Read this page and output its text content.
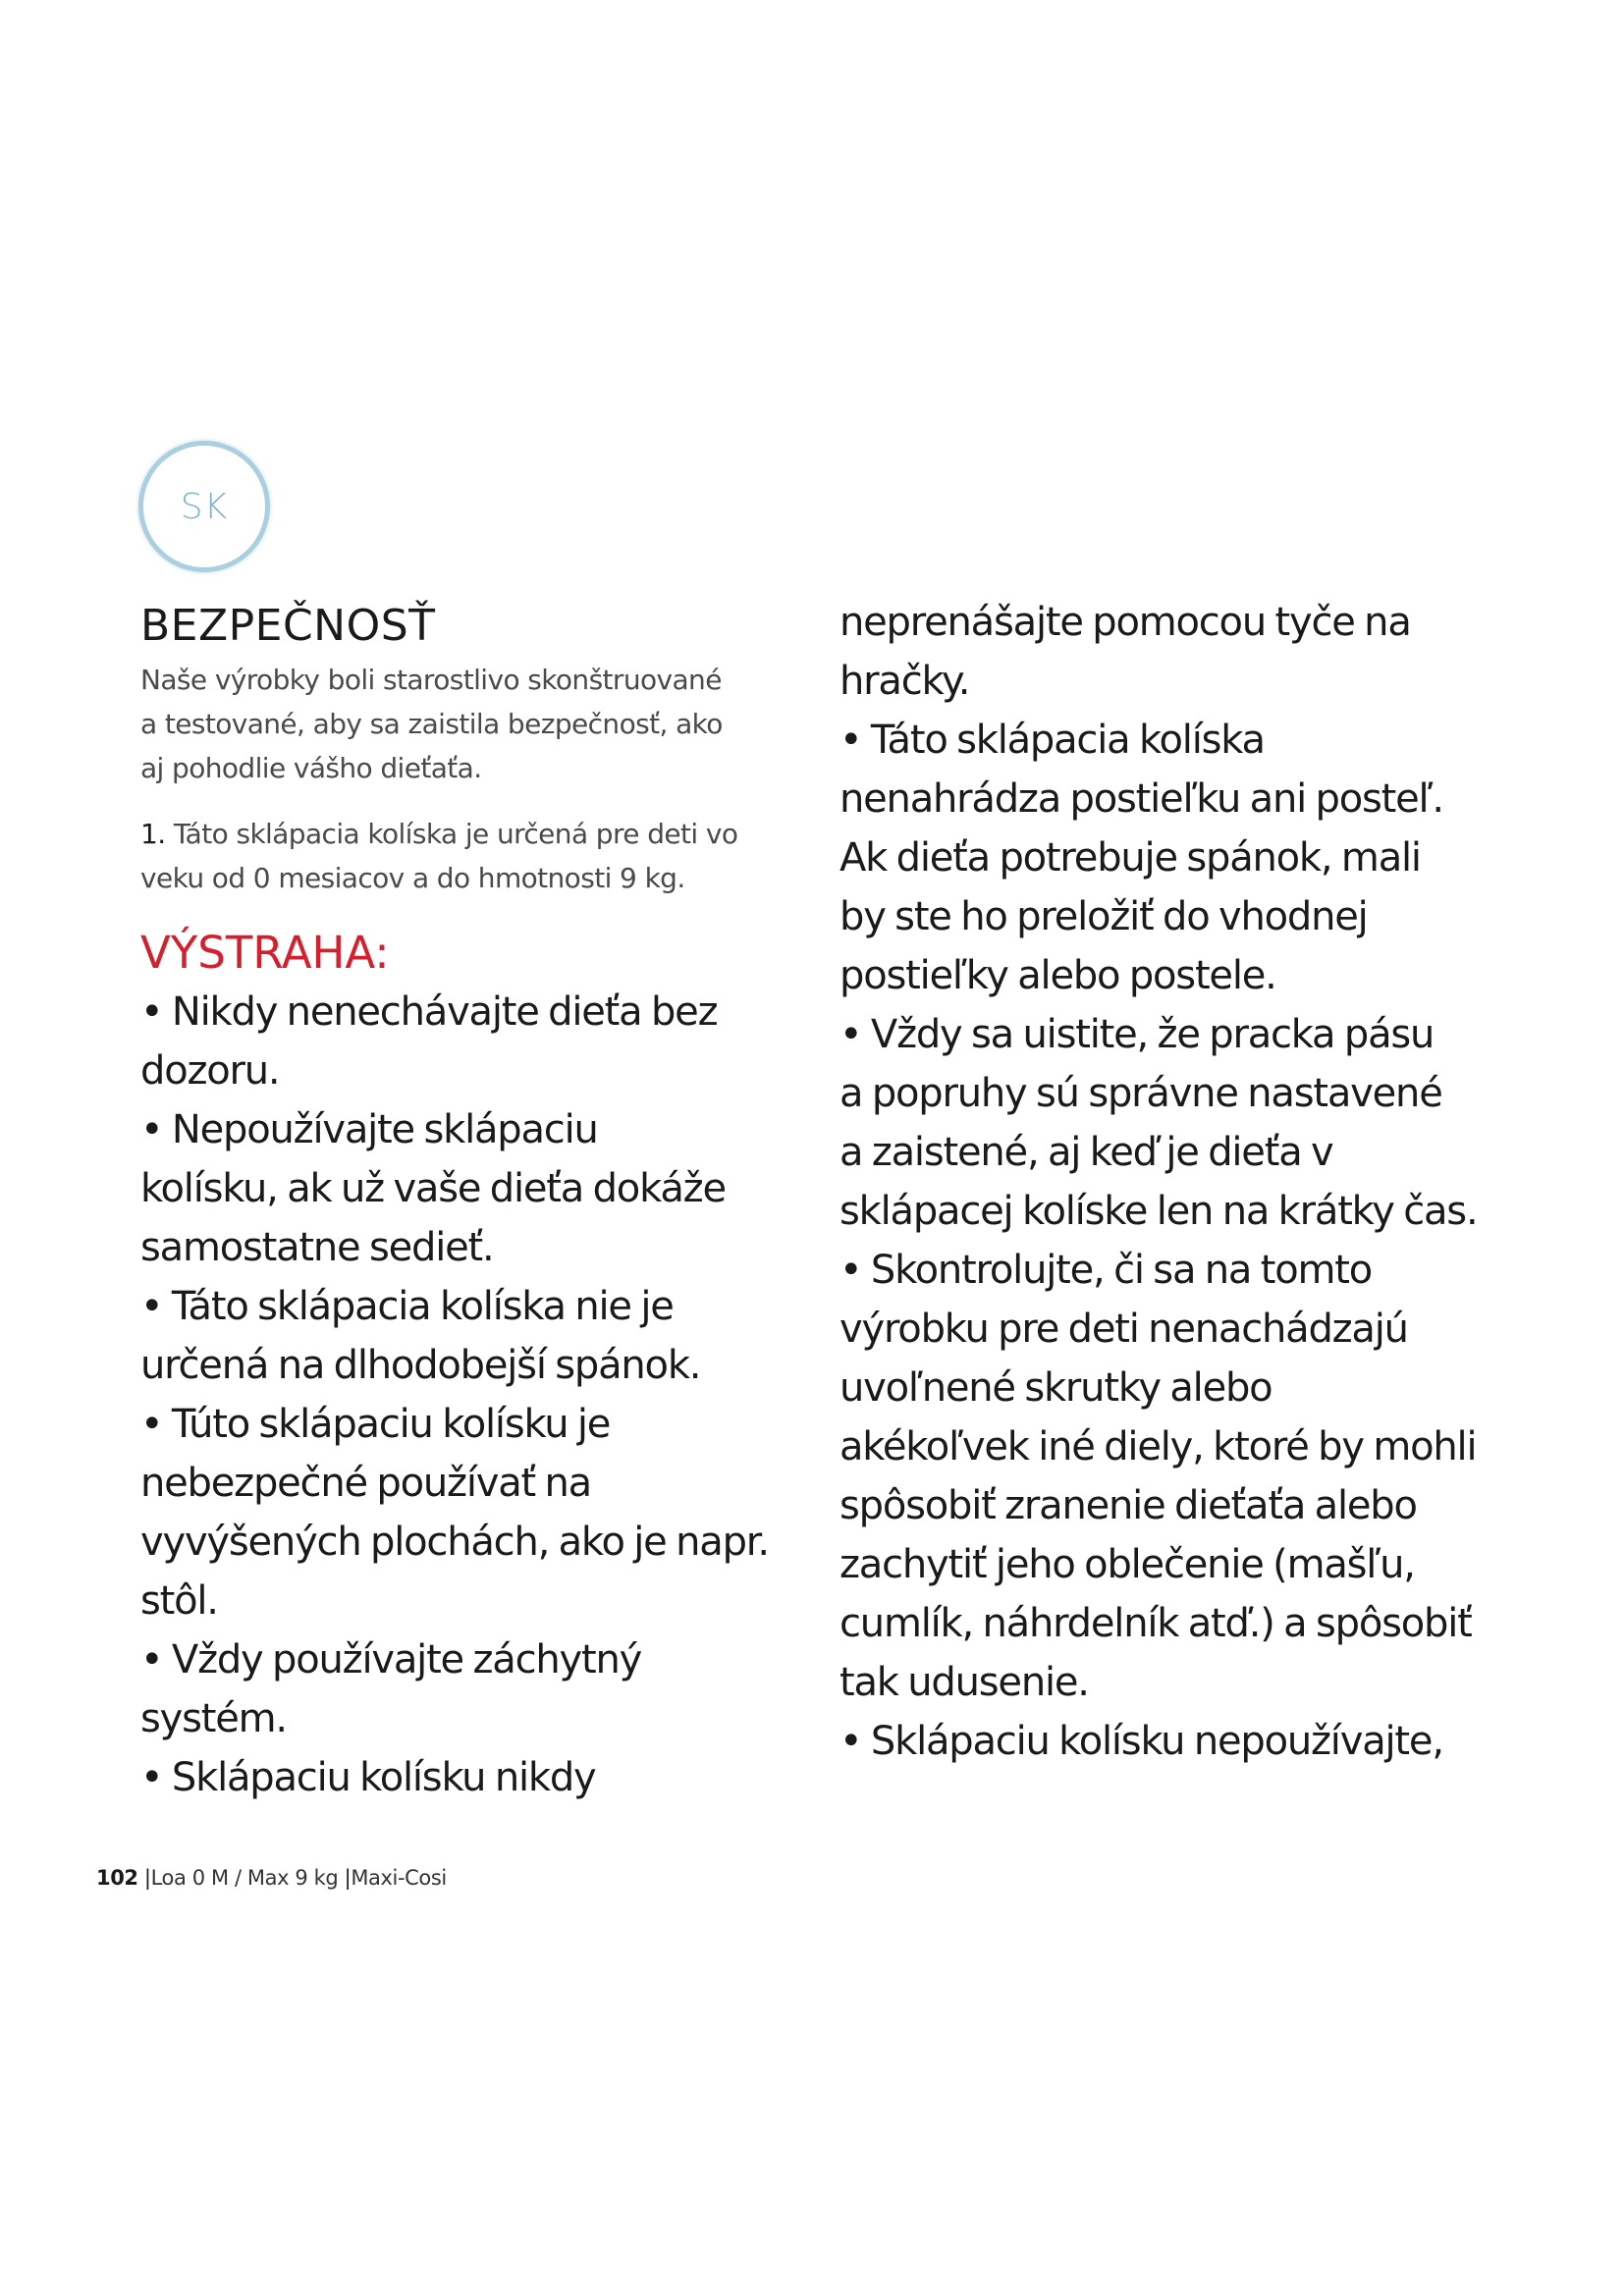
SK
BEZPEČNOSŤ
Naše výrobky boli starostlivo skonštruované
a testované, aby sa zaistila bezpečnosť, ako
aj pohodlie vášho dieťaťa.
1. Táto sklápacia kolíska je určená pre deti vo
veku od 0 mesiacov a do hmotnosti 9 kg.
VÝSTRAHA:

• Nikdy nenechávajte dieťa bez

dozoru.

• Nepoužívajte sklápaciu

kolísku, ak už vaše dieťa dokáže

samostatne sedieť.

• Táto sklápacia kolíska nie je

určená na dlhodobejší spánok.

• Túto sklápaciu kolísku je

nebezpečné používať na

vyvýšených plochách, ako je napr.

stôl.

• Vždy používajte záchytný

systém.

• Sklápaciu kolísku nikdy

neprenášajte pomocou tyče na

hračky.

• Táto sklápacia kolíska

nenahrádza postieľku ani posteľ.

Ak dieťa potrebuje spánok, mali

by ste ho preložiť do vhodnej

postieľky alebo postele.

• Vždy sa uistite, že pracka pásu

a popruhy sú správne nastavené

a zaistené, aj keď je dieťa v

sklápacej kolíske len na krátky čas.

• Skontrolujte, či sa na tomto

výrobku pre deti nenachádzajú

uvoľnené skrutky alebo

akékoľvek iné diely, ktoré by mohli

spôsobiť zranenie dieťaťa alebo

zachytiť jeho oblečenie (mašľu,

cumlík, náhrdelník atď.) a spôsobiť

tak udusenie.

• Sklápaciu kolísku nepoužívajte,

102 |Loa 0 M / Max 9 kg |Maxi-Cosi
